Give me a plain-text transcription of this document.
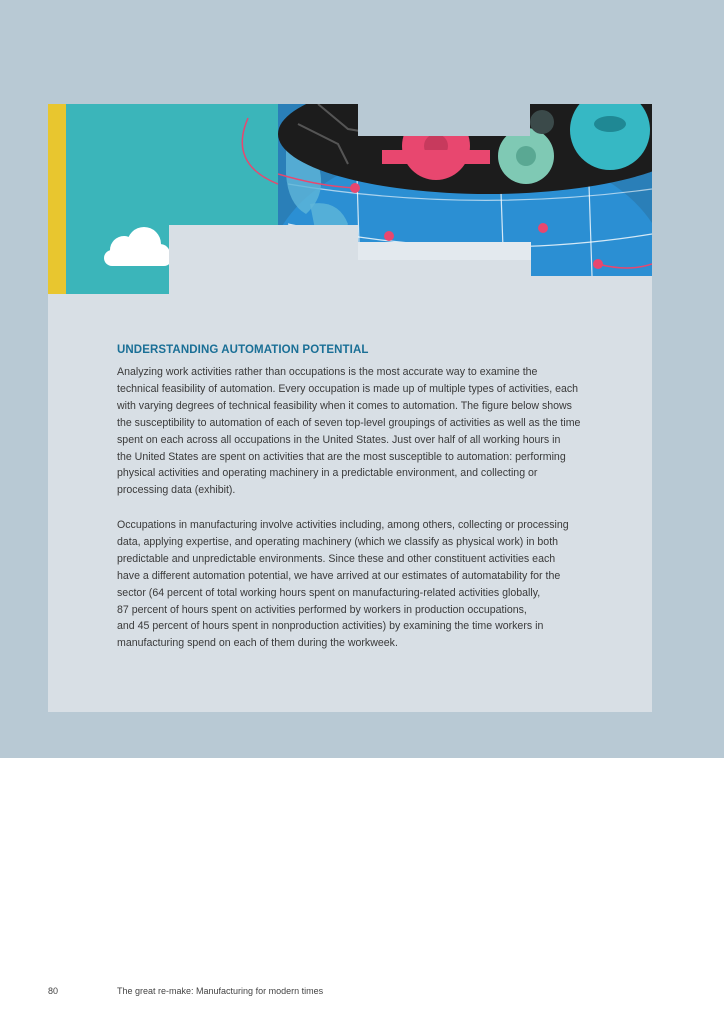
UNDERSTANDING AUTOMATION POTENTIAL

Analyzing work activities rather than occupations is the most accurate way to examine the
technical feasibility of automation. Every occupation is made up of multiple types of activities, each
with varying degrees of technical feasibility when it comes to automation. The figure below shows
the susceptibility to automation of each of seven top-level groupings of activities as well as the time
spent on each across all occupations in the United States. Just over half of all working hours in
the United States are spent on activities that are the most susceptible to automation: performing
physical activities and operating machinery in a predictable environment, and collecting or
processing data (exhibit).

Occupations in manufacturing involve activities including, among others, collecting or processing
data, applying expertise, and operating machinery (which we classify as physical work) in both
predictable and unpredictable environments. Since these and other constituent activities each
have a different automation potential, we have arrived at our estimates of automatability for the
sector (64 percent of total working hours spent on manufacturing-related activities globally,
87 percent of hours spent on activities performed by workers in production occupations,
and 45 percent of hours spent in nonproduction activities) by examining the time workers in
manufacturing spend on each of them during the workweek.

80	The great re-make: Manufacturing for modern times
